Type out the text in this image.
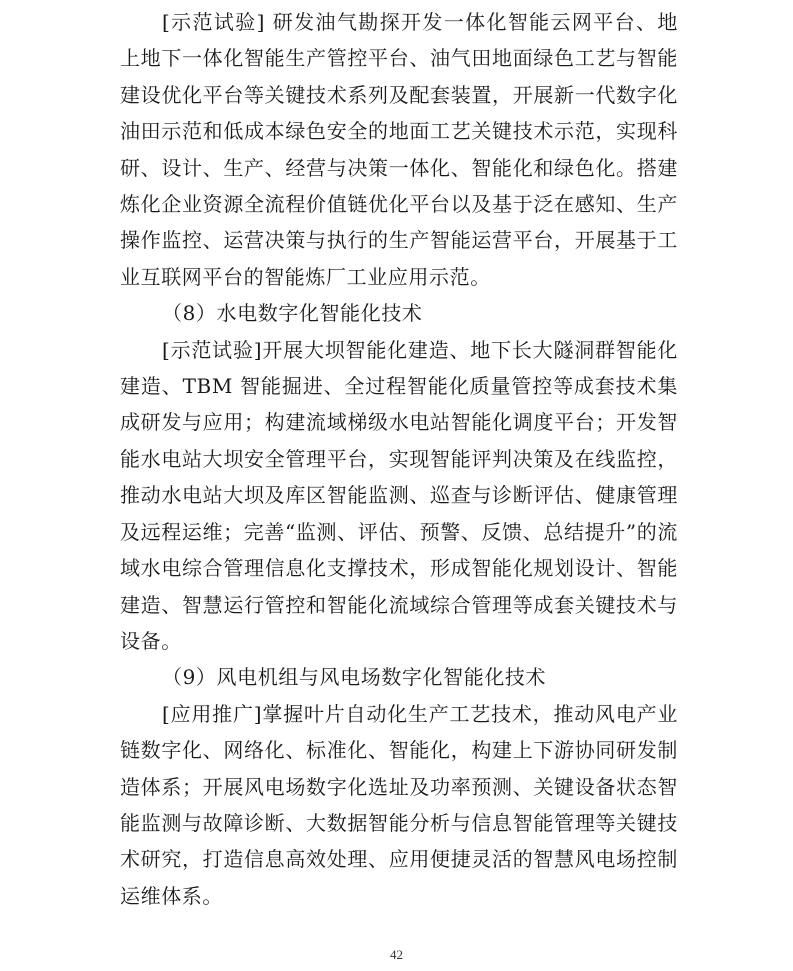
[示范试验] 研发油气勘探开发一体化智能云网平台、地上地下一体化智能生产管控平台、油气田地面绿色工艺与智能建设优化平台等关键技术系列及配套装置，开展新一代数字化油田示范和低成本绿色安全的地面工艺关键技术示范，实现科研、设计、生产、经营与决策一体化、智能化和绿色化。搭建炼化企业资源全流程价值链优化平台以及基于泛在感知、生产操作监控、运营决策与执行的生产智能运营平台，开展基于工业互联网平台的智能炼厂工业应用示范。

（8）水电数字化智能化技术

[示范试验]开展大坝智能化建造、地下长大隧洞群智能化建造、TBM 智能掘进、全过程智能化质量管控等成套技术集成研发与应用；构建流域梯级水电站智能化调度平台；开发智能水电站大坝安全管理平台，实现智能评判决策及在线监控，推动水电站大坝及库区智能监测、巡查与诊断评估、健康管理及远程运维；完善“监测、评估、预警、反馈、总结提升”的流域水电综合管理信息化支撑技术，形成智能化规划设计、智能建造、智慧运行管控和智能化流域综合管理等成套关键技术与设备。

（9）风电机组与风电场数字化智能化技术

[应用推广]掌握叶片自动化生产工艺技术，推动风电产业链数字化、网络化、标准化、智能化，构建上下游协同研发制造体系；开展风电场数字化选址及功率预测、关键设备状态智能监测与故障诊断、大数据智能分析与信息智能管理等关键技术研究，打造信息高效处理、应用便捷灵活的智慧风电场控制运维体系。

42
